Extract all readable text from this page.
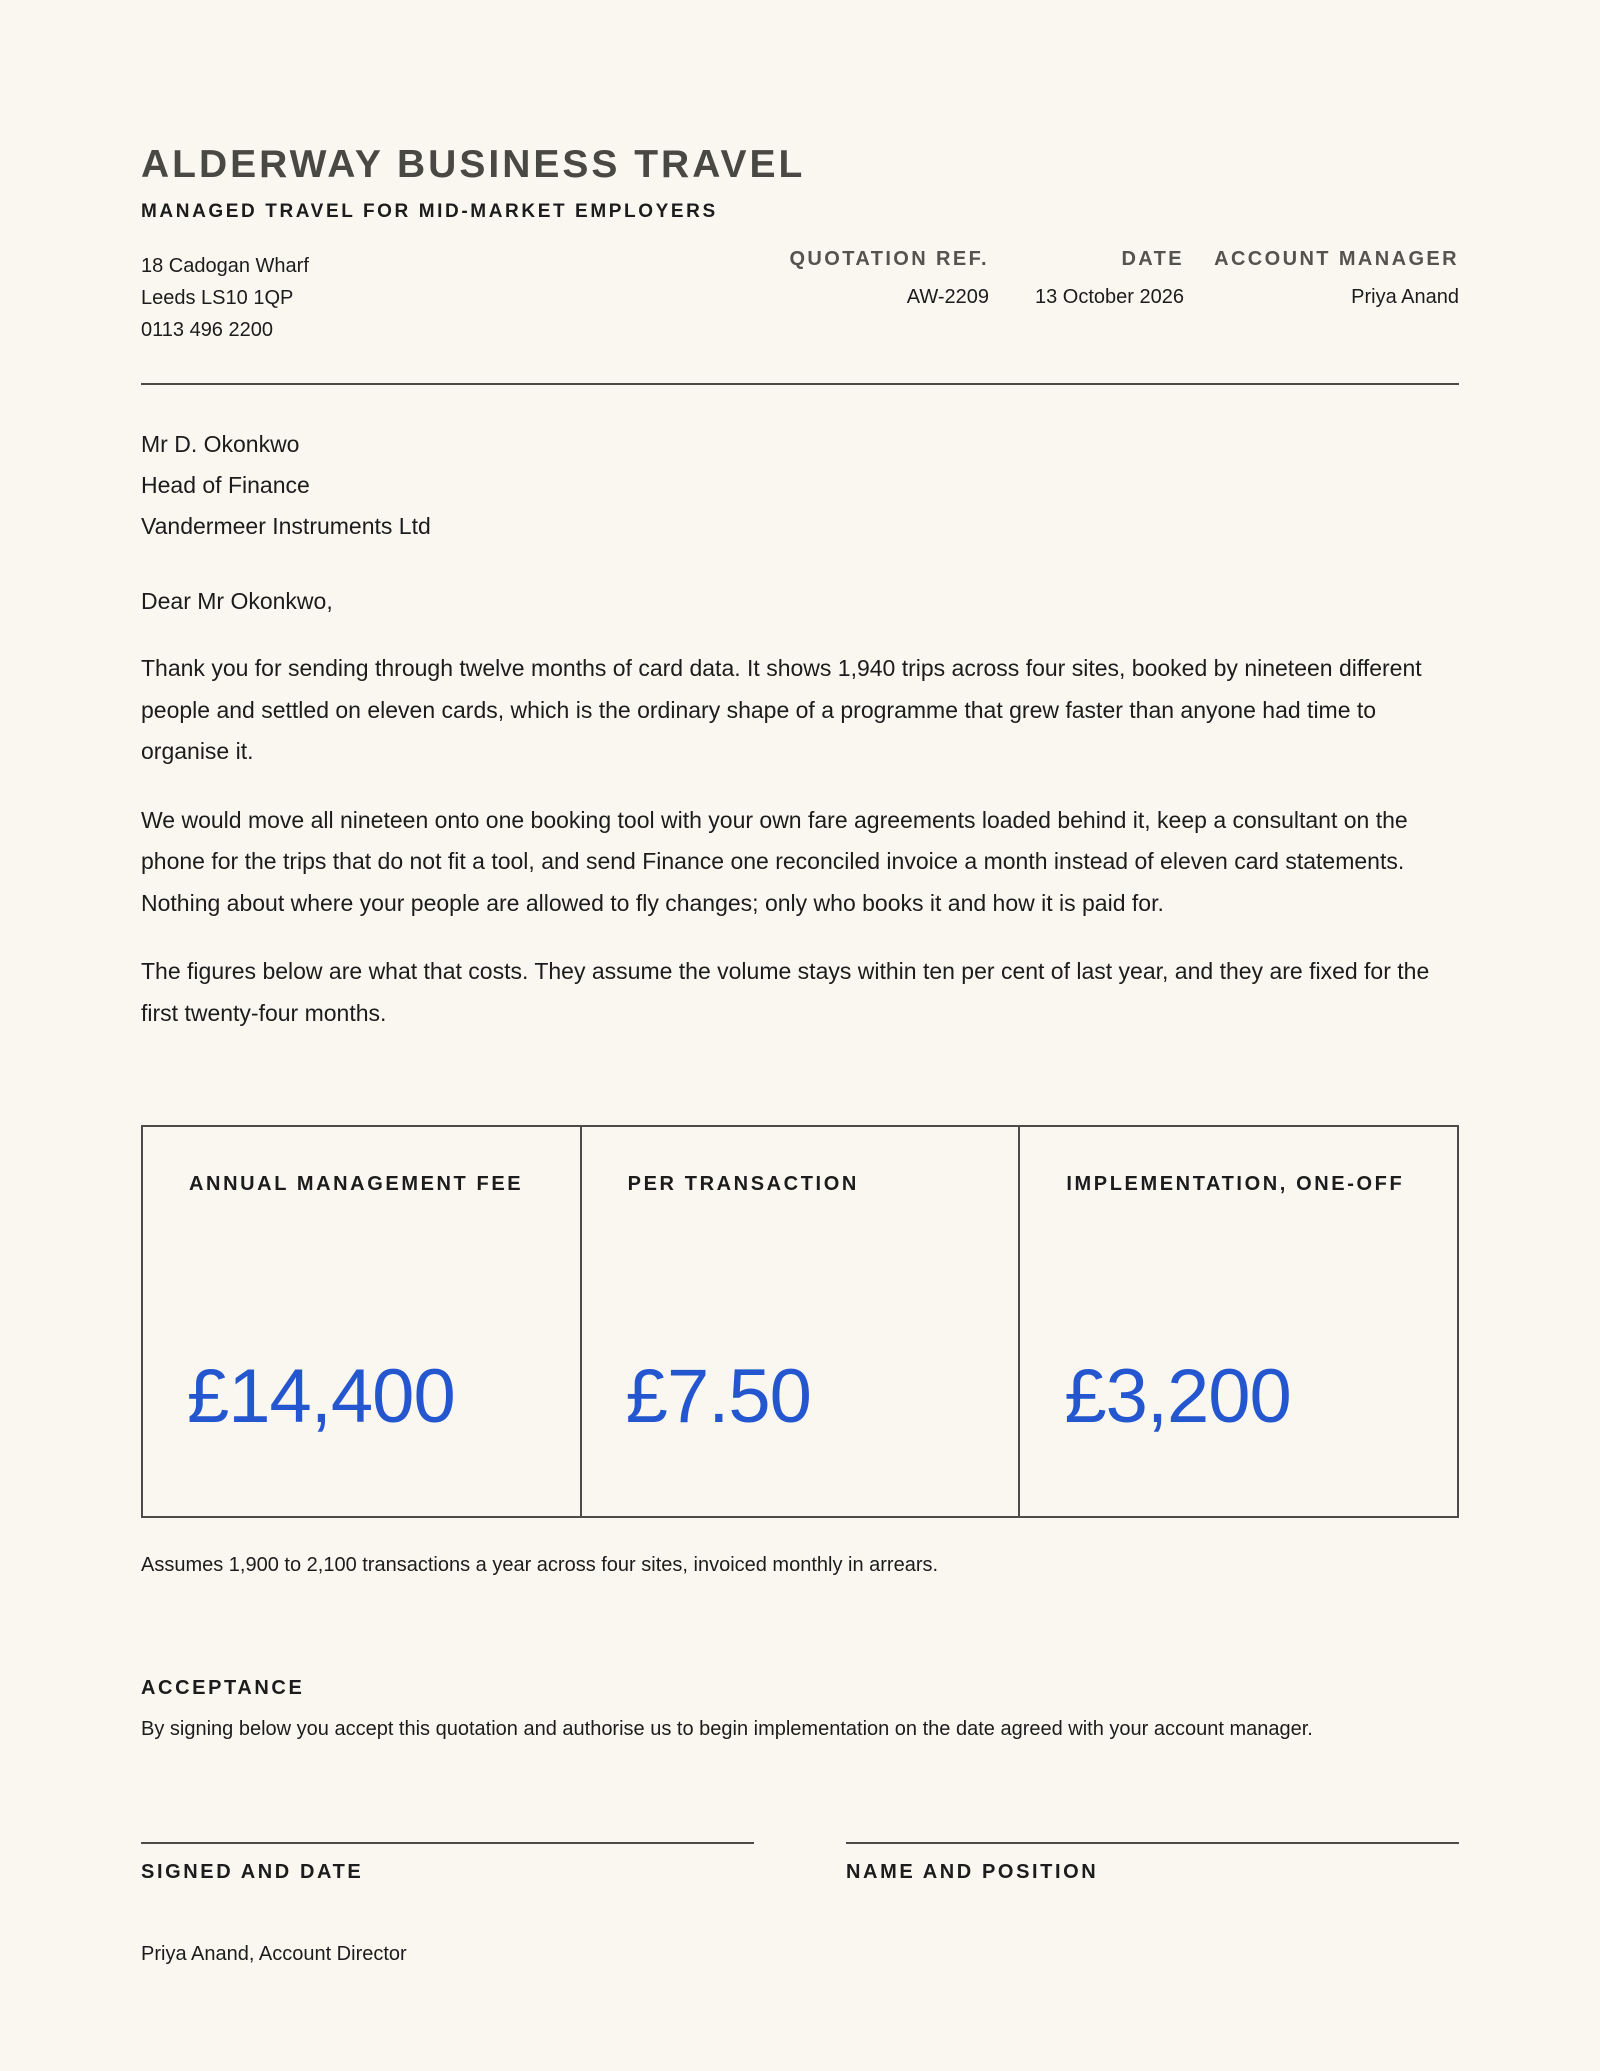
ALDERWAY BUSINESS TRAVEL
MANAGED TRAVEL FOR MID-MARKET EMPLOYERS
18 Cadogan Wharf
Leeds LS10 1QP
0113 496 2200
QUOTATION REF.
AW-2209
DATE
13 October 2026
ACCOUNT MANAGER
Priya Anand
Mr D. Okonkwo
Head of Finance
Vandermeer Instruments Ltd
Dear Mr Okonkwo,

Thank you for sending through twelve months of card data. It shows 1,940 trips across four sites, booked by nineteen different people and settled on eleven cards, which is the ordinary shape of a programme that grew faster than anyone had time to organise it.

We would move all nineteen onto one booking tool with your own fare agreements loaded behind it, keep a consultant on the phone for the trips that do not fit a tool, and send Finance one reconciled invoice a month instead of eleven card statements. Nothing about where your people are allowed to fly changes; only who books it and how it is paid for.

The figures below are what that costs. They assume the volume stays within ten per cent of last year, and they are fixed for the first twenty-four months.

ANNUAL MANAGEMENT FEE
£14,400
PER TRANSACTION
£7.50
IMPLEMENTATION, ONE-OFF
£3,200
Assumes 1,900 to 2,100 transactions a year across four sites, invoiced monthly in arrears.
ACCEPTANCE
By signing below you accept this quotation and authorise us to begin implementation on the date agreed with your account manager.
SIGNED AND DATE	NAME AND POSITION
Priya Anand, Account Director
